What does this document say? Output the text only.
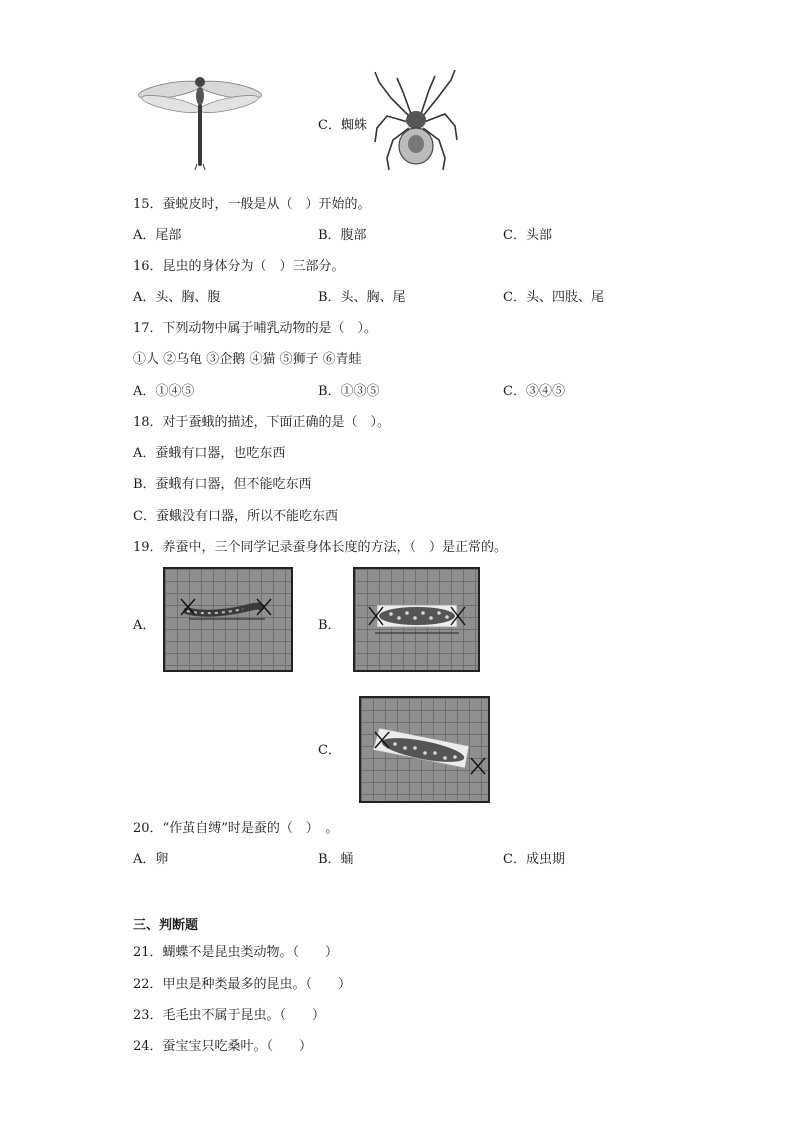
C．蜘蛛
15．蚕蜕皮时，一般是从（　）开始的。
A．尾部	B．腹部	C．头部
16．昆虫的身体分为（　）三部分。
A．头、胸、腹	B．头、胸、尾	C．头、四肢、尾
17．下列动物中属于哺乳动物的是（　）。
①人 ②乌龟 ③企鹅 ④猫 ⑤狮子 ⑥青蛙
A．①④⑤	B．①③⑤	C．③④⑤
18．对于蚕蛾的描述，下面正确的是（　）。
A．蚕蛾有口器，也吃东西
B．蚕蛾有口器，但不能吃东西
C．蚕蛾没有口器，所以不能吃东西
19．养蚕中，三个同学记录蚕身体长度的方法，（　）是正常的。
A．	B．
C．
20．“作茧自缚”时是蚕的（　）　。
A．卵	B．蛹	C．成虫期
三、判断题
21．蝴蝶不是昆虫类动物。（　　）
22．甲虫是种类最多的昆虫。（　　）
23．毛毛虫不属于昆虫。（　　）
24．蚕宝宝只吃桑叶。（　　）
